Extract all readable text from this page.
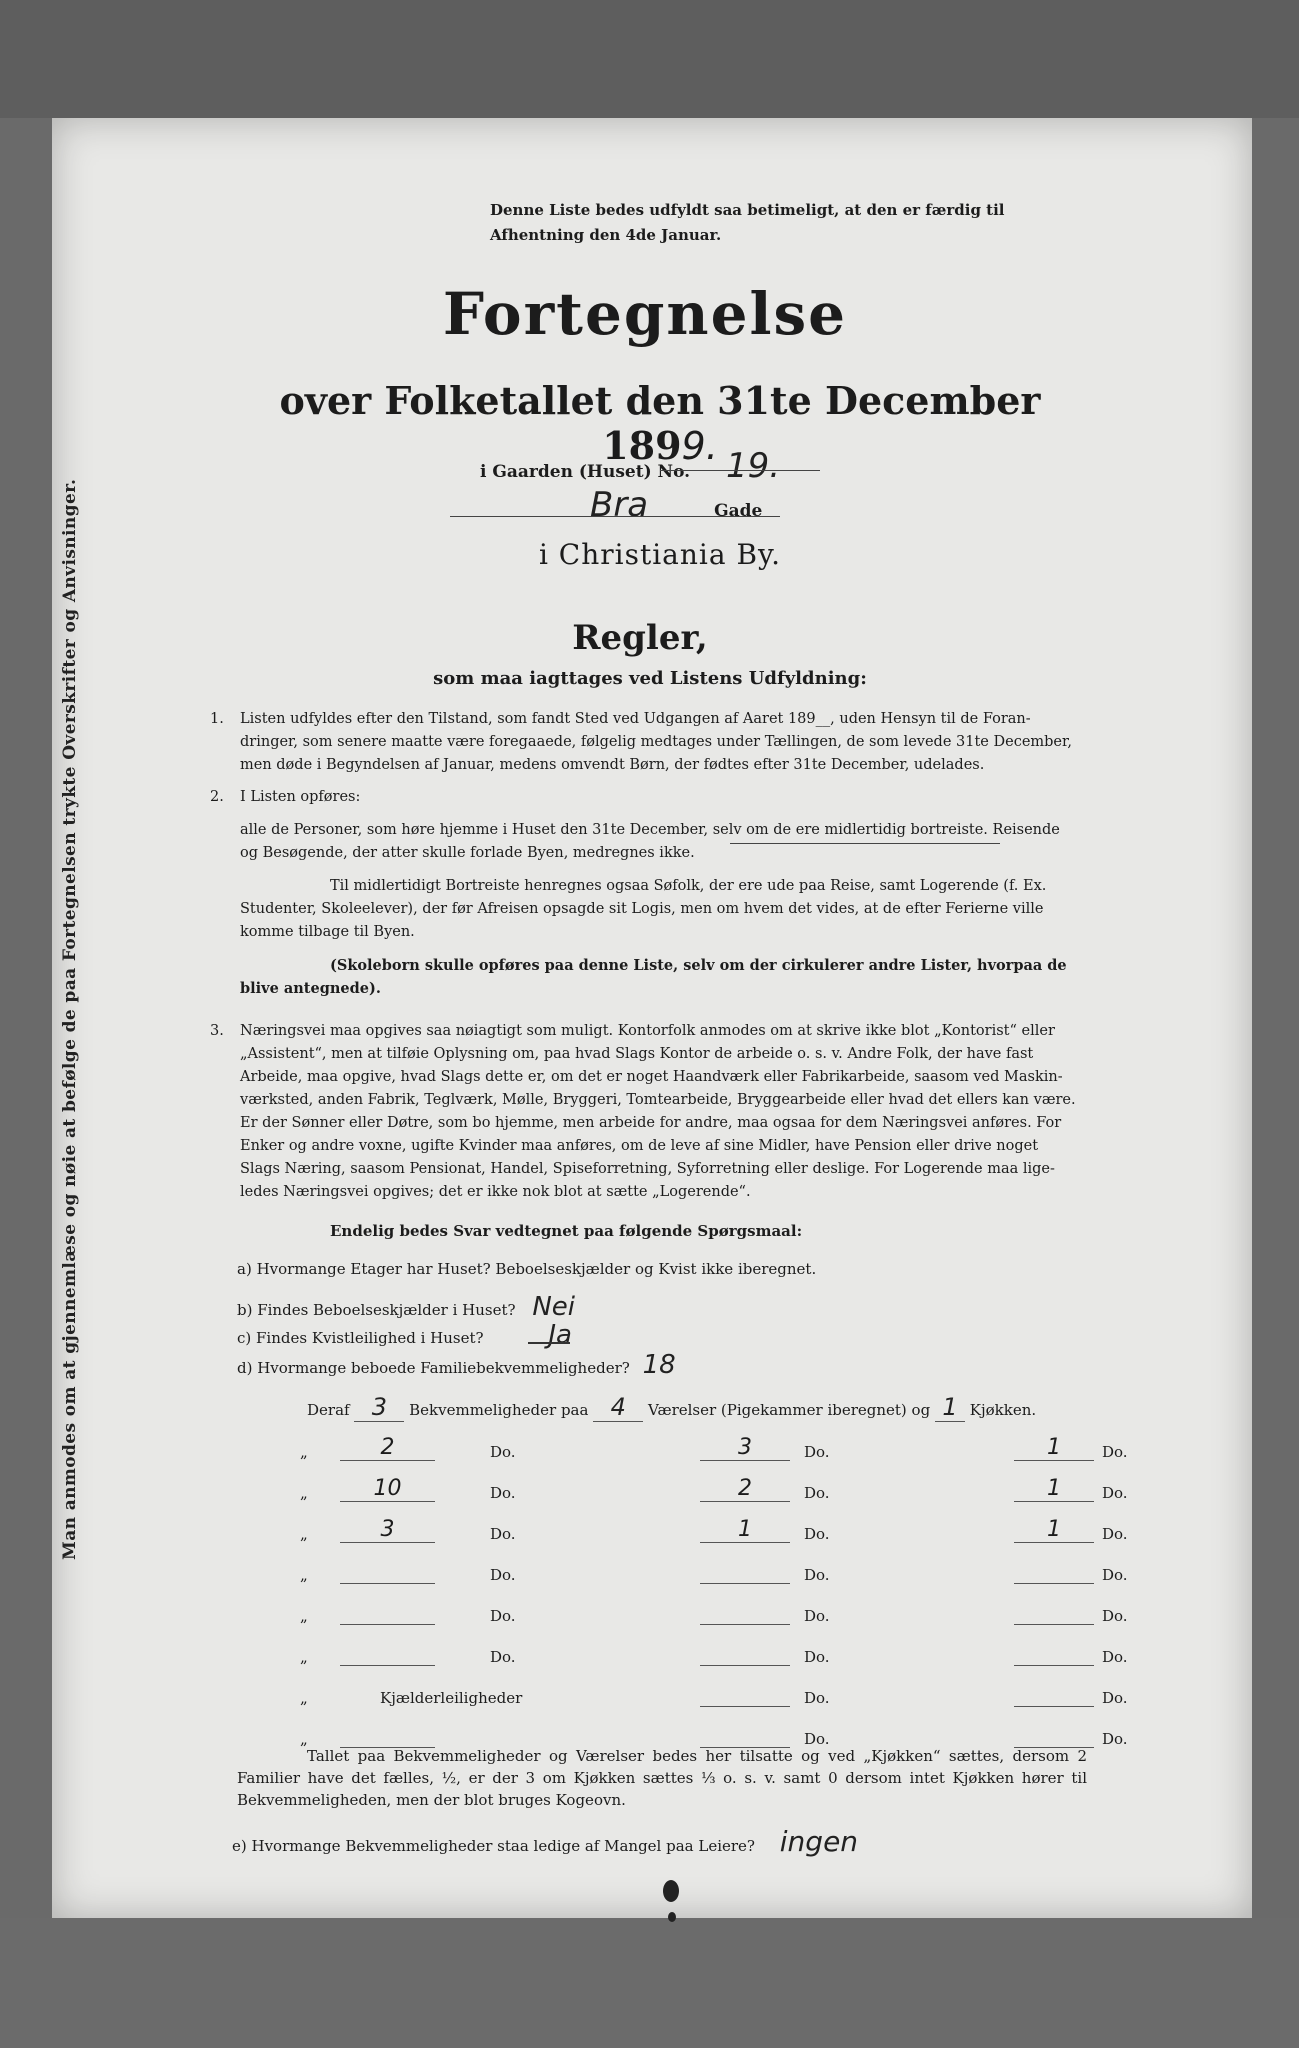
Man anmodes om at gjennemlæse og nøie at befølge de paa Fortegnelsen trykte Overskrifter og Anvisninger.
Denne Liste bedes udfyldt saa betimeligt, at den er færdig til
Afhentning den 4de Januar.
Fortegnelse
over Folketallet den 31te December 1899.
i Gaarden (Huset) No. 19.
Bra	Gade
i Christiania By.
Regler,
som maa iagttages ved Listens Udfyldning:
1. Listen udfyldes efter den Tilstand, som fandt Sted ved Udgangen af Aaret 189__, uden Hensyn til de Foran-
dringer, som senere maatte være foregaaede, følgelig medtages under Tællingen, de som levede 31te December,
men døde i Begyndelsen af Januar, medens omvendt Børn, der fødtes efter 31te December, udelades.
2. I Listen opføres:
alle de Personer, som høre hjemme i Huset den 31te December, selv om de ere midlertidig bortreiste. Reisende
og Besøgende, der atter skulle forlade Byen, medregnes ikke.
Til midlertidigt Bortreiste henregnes ogsaa Søfolk, der ere ude paa Reise, samt Logerende (f. Ex.
Studenter, Skoleelever), der før Afreisen opsagde sit Logis, men om hvem det vides, at de efter Ferierne ville
komme tilbage til Byen.
(Skoleborn skulle opføres paa denne Liste, selv om der cirkulerer andre Lister, hvorpaa de
blive antegnede).
3. Næringsvei maa opgives saa nøiagtigt som muligt. Kontorfolk anmodes om at skrive ikke blot „Kontorist“ eller
„Assistent“, men at tilføie Oplysning om, paa hvad Slags Kontor de arbeide o. s. v. Andre Folk, der have fast
Arbeide, maa opgive, hvad Slags dette er, om det er noget Haandværk eller Fabrikarbeide, saasom ved Maskin-
værksted, anden Fabrik, Teglværk, Mølle, Bryggeri, Tomtearbeide, Bryggearbeide eller hvad det ellers kan være.
Er der Sønner eller Døtre, som bo hjemme, men arbeide for andre, maa ogsaa for dem Næringsvei anføres. For
Enker og andre voxne, ugifte Kvinder maa anføres, om de leve af sine Midler, have Pension eller drive noget
Slags Næring, saasom Pensionat, Handel, Spiseforretning, Syforretning eller deslige. For Logerende maa lige-
ledes Næringsvei opgives; det er ikke nok blot at sætte „Logerende“.
Endelig bedes Svar vedtegnet paa følgende Spørgsmaal:
a) Hvormange Etager har Huset? Beboelseskjælder og Kvist ikke iberegnet.
b) Findes Beboelseskjælder i Huset? Nei
c) Findes Kvistleilighed i Huset? Ja
d) Hvormange beboede Familiebekvemmeligheder? 18
Deraf 3 Bekvemmeligheder paa 4 Værelser (Pigekammer iberegnet) og 1 Kjøkken.
„	2	Do.	3	Do.	1	Do.
„	10	Do.	2	Do.	1	Do.
„	3	Do.	1	Do.	1	Do.
„		Do.		Do.		Do.
„		Do.		Do.		Do.
„		Do.		Do.		Do.
„	Kjælderleiligheder			Do.		Do.
„				Do.		Do.
Tallet paa Bekvemmeligheder og Værelser bedes her tilsatte og ved „Kjøkken“ sættes, dersom 2 Familier have det fælles, ½, er der 3 om Kjøkken sættes ⅓ o. s. v. samt 0 dersom intet Kjøkken hører til Bekvemmeligheden, men der blot bruges Kogeovn.
e) Hvormange Bekvemmeligheder staa ledige af Mangel paa Leiere? ingen
